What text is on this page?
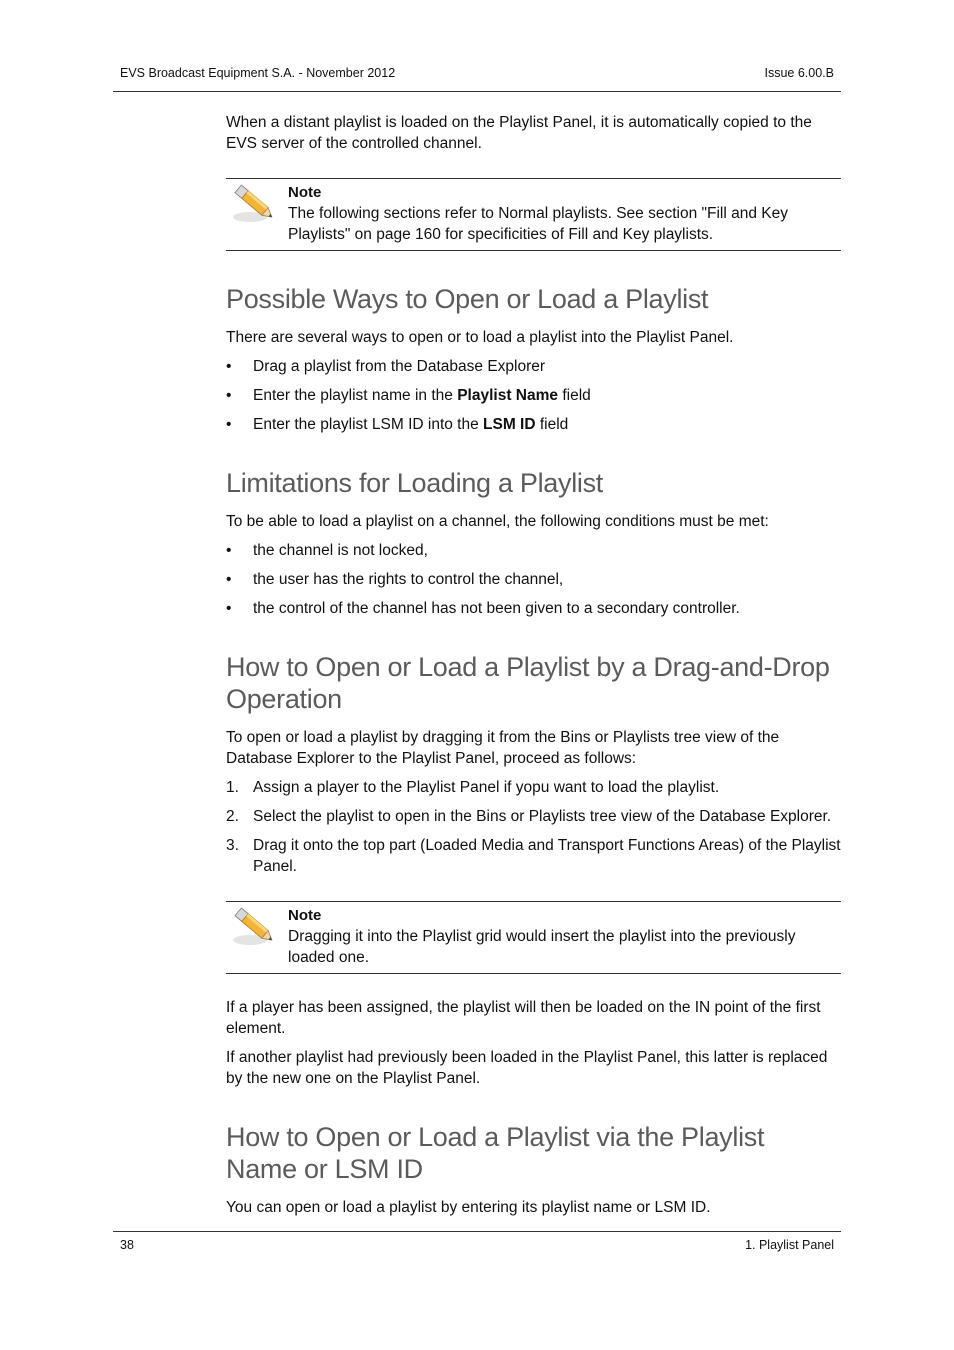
EVS Broadcast Equipment S.A. - November 2012	Issue 6.00.B

When a distant playlist is loaded on the Playlist Panel, it is automatically copied to the EVS server of the controlled channel.

Note
The following sections refer to Normal playlists. See section "Fill and Key Playlists" on page 160 for specificities of Fill and Key playlists.
Possible Ways to Open or Load a Playlist

There are several ways to open or to load a playlist into the Playlist Panel.

• Drag a playlist from the Database Explorer
• Enter the playlist name in the Playlist Name field
• Enter the playlist LSM ID into the LSM ID field
Limitations for Loading a Playlist

To be able to load a playlist on a channel, the following conditions must be met:

• the channel is not locked,
• the user has the rights to control the channel,
• the control of the channel has not been given to a secondary controller.
How to Open or Load a Playlist by a Drag-and-Drop Operation

To open or load a playlist by dragging it from the Bins or Playlists tree view of the Database Explorer to the Playlist Panel, proceed as follows:

1. Assign a player to the Playlist Panel if yopu want to load the playlist.
2. Select the playlist to open in the Bins or Playlists tree view of the Database Explorer.
3. Drag it onto the top part (Loaded Media and Transport Functions Areas) of the Playlist Panel.
Note
Dragging it into the Playlist grid would insert the playlist into the previously loaded one.

If a player has been assigned, the playlist will then be loaded on the IN point of the first element.

If another playlist had previously been loaded in the Playlist Panel, this latter is replaced by the new one on the Playlist Panel.

How to Open or Load a Playlist via the Playlist Name or LSM ID

You can open or load a playlist by entering its playlist name or LSM ID.

38	1. Playlist Panel
